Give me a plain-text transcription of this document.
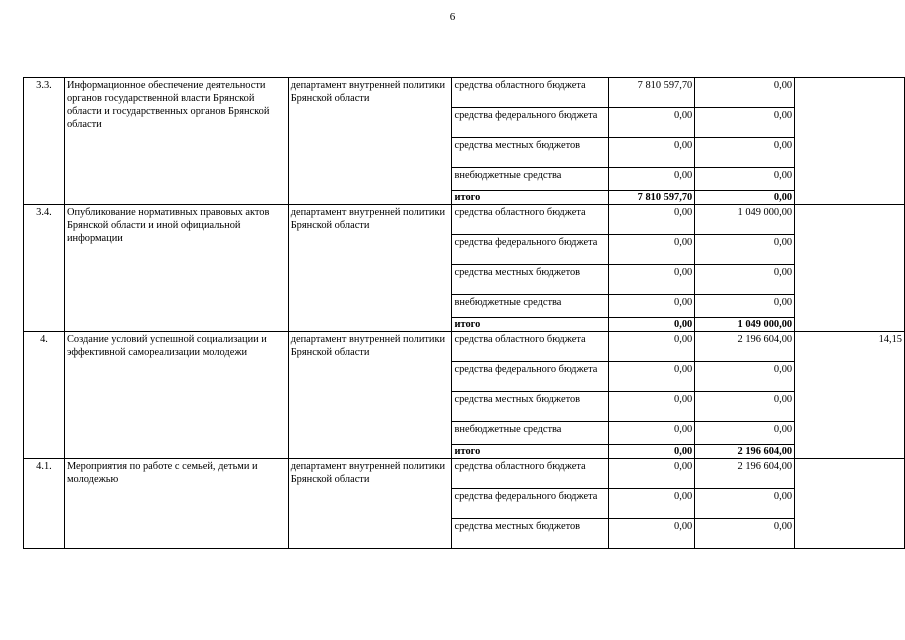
6
3.3.	Информационное обеспечение деятельности органов государственной власти Брянской области и государственных органов Брянской области	департамент внутренней политики Брянской области	средства областного бюджета	7 810 597,70	0,00	
			средства федерального бюджета	0,00	0,00	
			средства местных бюджетов	0,00	0,00	
			внебюджетные средства	0,00	0,00	
			итого	7 810 597,70	0,00	
3.4.	Опубликование нормативных правовых актов Брянской области и иной официальной информации	департамент внутренней политики Брянской области	средства областного бюджета	0,00	1 049 000,00	
			средства федерального бюджета	0,00	0,00	
			средства местных бюджетов	0,00	0,00	
			внебюджетные средства	0,00	0,00	
			итого	0,00	1 049 000,00	
4.	Создание условий успешной социализации и эффективной самореализации молодежи	департамент внутренней политики Брянской области	средства областного бюджета	0,00	2 196 604,00	14,15
			средства федерального бюджета	0,00	0,00	
			средства местных бюджетов	0,00	0,00	
			внебюджетные средства	0,00	0,00	
			итого	0,00	2 196 604,00	
4.1.	Мероприятия по работе с семьей, детьми и молодежью	департамент внутренней политики Брянской области	средства областного бюджета	0,00	2 196 604,00	
			средства федерального бюджета	0,00	0,00	
			средства местных бюджетов	0,00	0,00	
